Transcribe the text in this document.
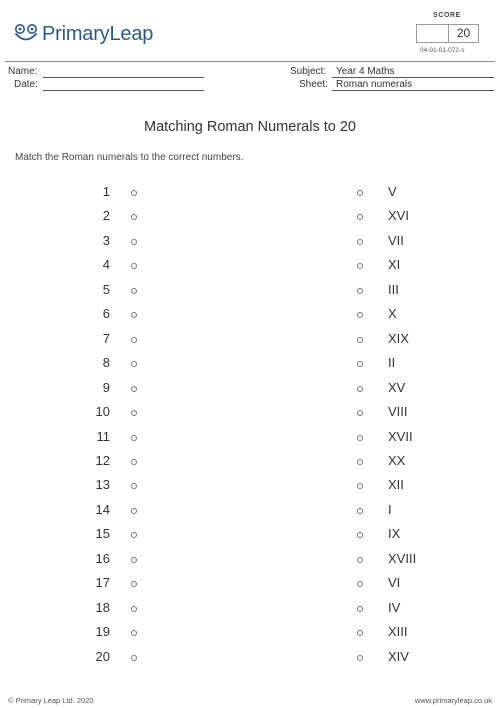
PrimaryLeap
SCORE
20
04-01-01-072-s
Name:
Date:
Subject: Year 4 Maths
Sheet: Roman numerals
Matching Roman Numerals to 20
Match the Roman numerals to the correct numbers.
1	V
2	XVI
3	VII
4	XI
5	III
6	X
7	XIX
8	II
9	XV
10	VIII
11	XVII
12	XX
13	XII
14	I
15	IX
16	XVIII
17	VI
18	IV
19	XIII
20	XIV
© Primary Leap Ltd. 2020	www.primaryleap.co.uk
